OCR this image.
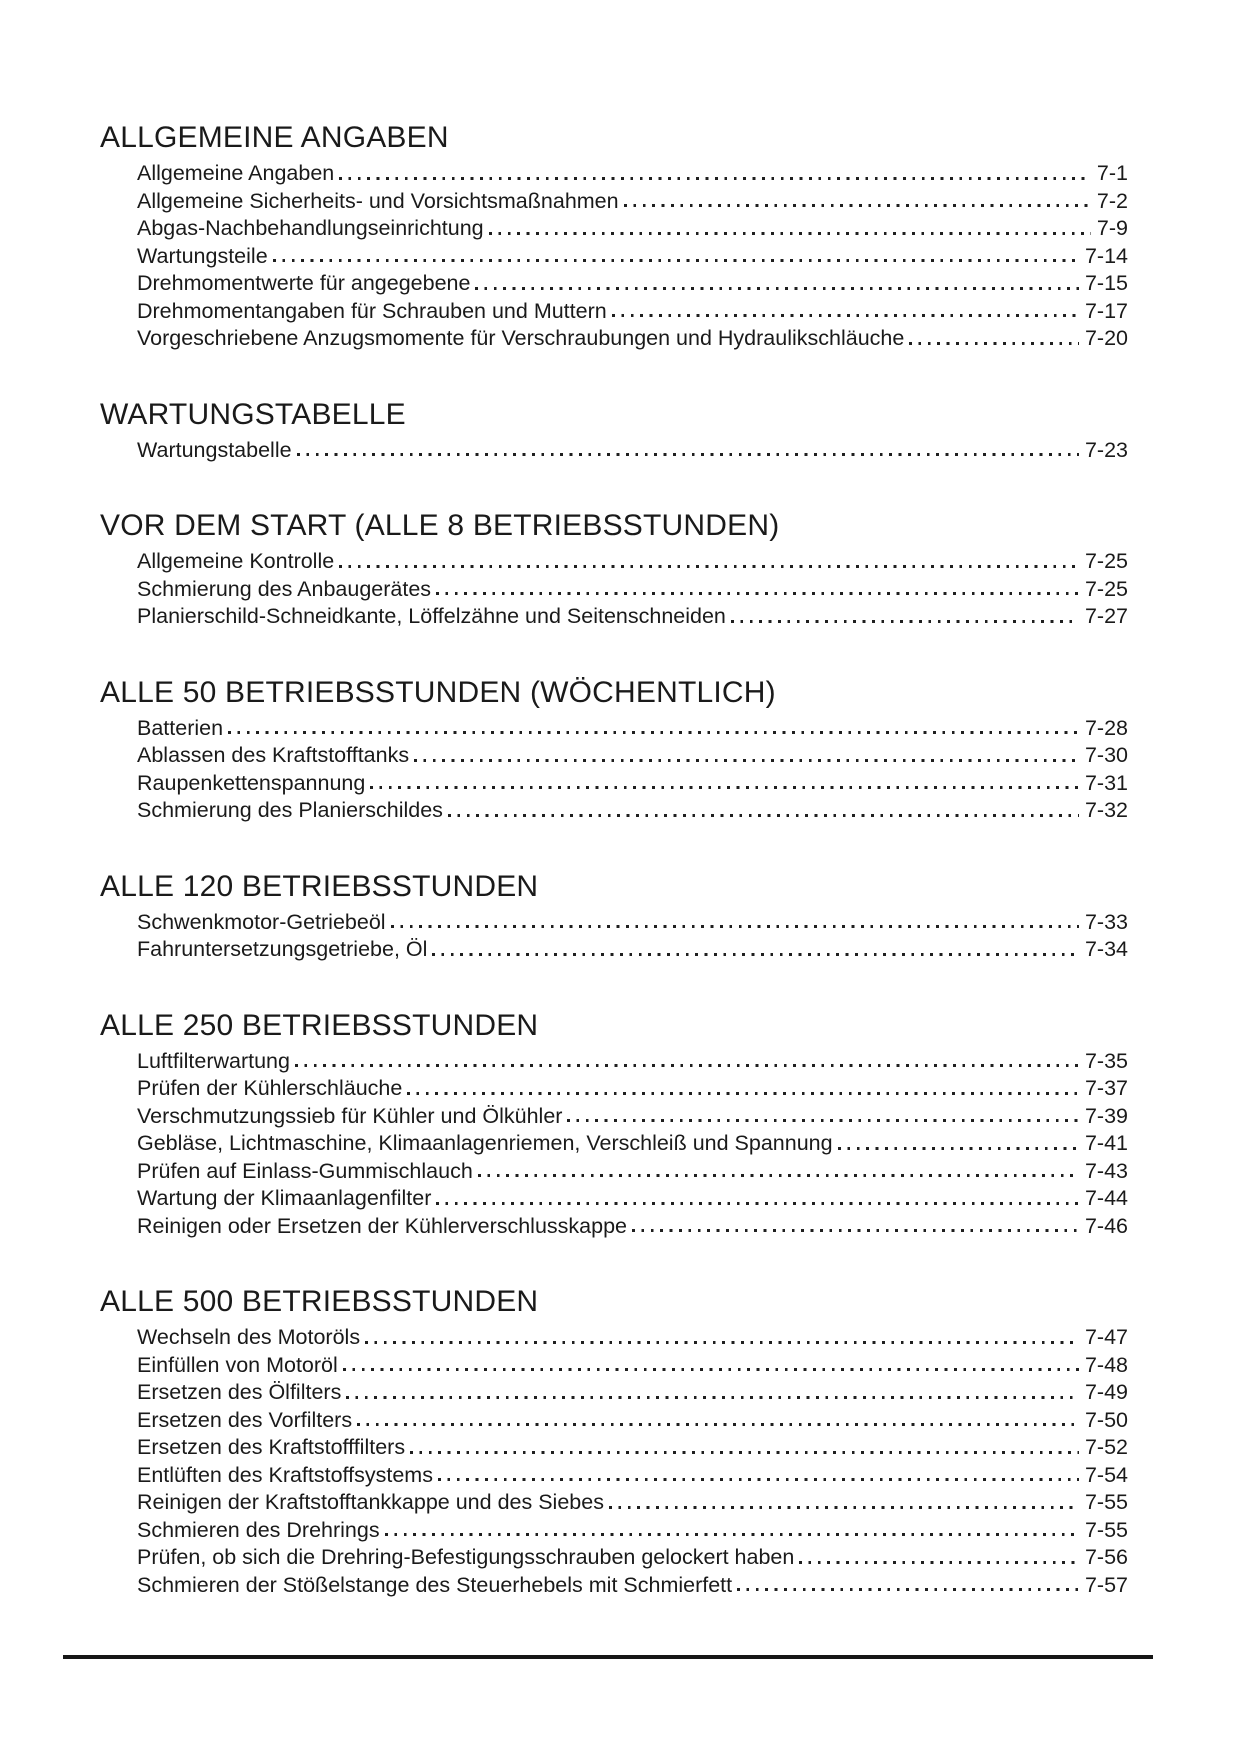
ALLGEMEINE ANGABEN
Allgemeine Angaben	7-1
Allgemeine Sicherheits- und Vorsichtsmaßnahmen	7-2
Abgas-Nachbehandlungseinrichtung	7-9
Wartungsteile	7-14
Drehmomentwerte für angegebene	7-15
Drehmomentangaben für Schrauben und Muttern	7-17
Vorgeschriebene Anzugsmomente für Verschraubungen und Hydraulikschläuche	7-20
WARTUNGSTABELLE
Wartungstabelle	7-23
VOR DEM START (ALLE 8 BETRIEBSSTUNDEN)
Allgemeine Kontrolle	7-25
Schmierung des Anbaugerätes	7-25
Planierschild-Schneidkante, Löffelzähne und Seitenschneiden	7-27
ALLE 50 BETRIEBSSTUNDEN (WÖCHENTLICH)
Batterien	7-28
Ablassen des Kraftstofftanks	7-30
Raupenkettenspannung	7-31
Schmierung des Planierschildes	7-32
ALLE 120 BETRIEBSSTUNDEN
Schwenkmotor-Getriebeöl	7-33
Fahruntersetzungsgetriebe, Öl	7-34
ALLE 250 BETRIEBSSTUNDEN
Luftfilterwartung	7-35
Prüfen der Kühlerschläuche	7-37
Verschmutzungssieb für Kühler und Ölkühler	7-39
Gebläse, Lichtmaschine, Klimaanlagenriemen, Verschleiß und Spannung	7-41
Prüfen auf Einlass-Gummischlauch	7-43
Wartung der Klimaanlagenfilter	7-44
Reinigen oder Ersetzen der Kühlerverschlusskappe	7-46
ALLE 500 BETRIEBSSTUNDEN
Wechseln des Motoröls	7-47
Einfüllen von Motoröl	7-48
Ersetzen des Ölfilters	7-49
Ersetzen des Vorfilters	7-50
Ersetzen des Kraftstofffilters	7-52
Entlüften des Kraftstoffsystems	7-54
Reinigen der Kraftstofftankkappe und des Siebes	7-55
Schmieren des Drehrings	7-55
Prüfen, ob sich die Drehring-Befestigungsschrauben gelockert haben	7-56
Schmieren der Stößelstange des Steuerhebels mit Schmierfett	7-57
